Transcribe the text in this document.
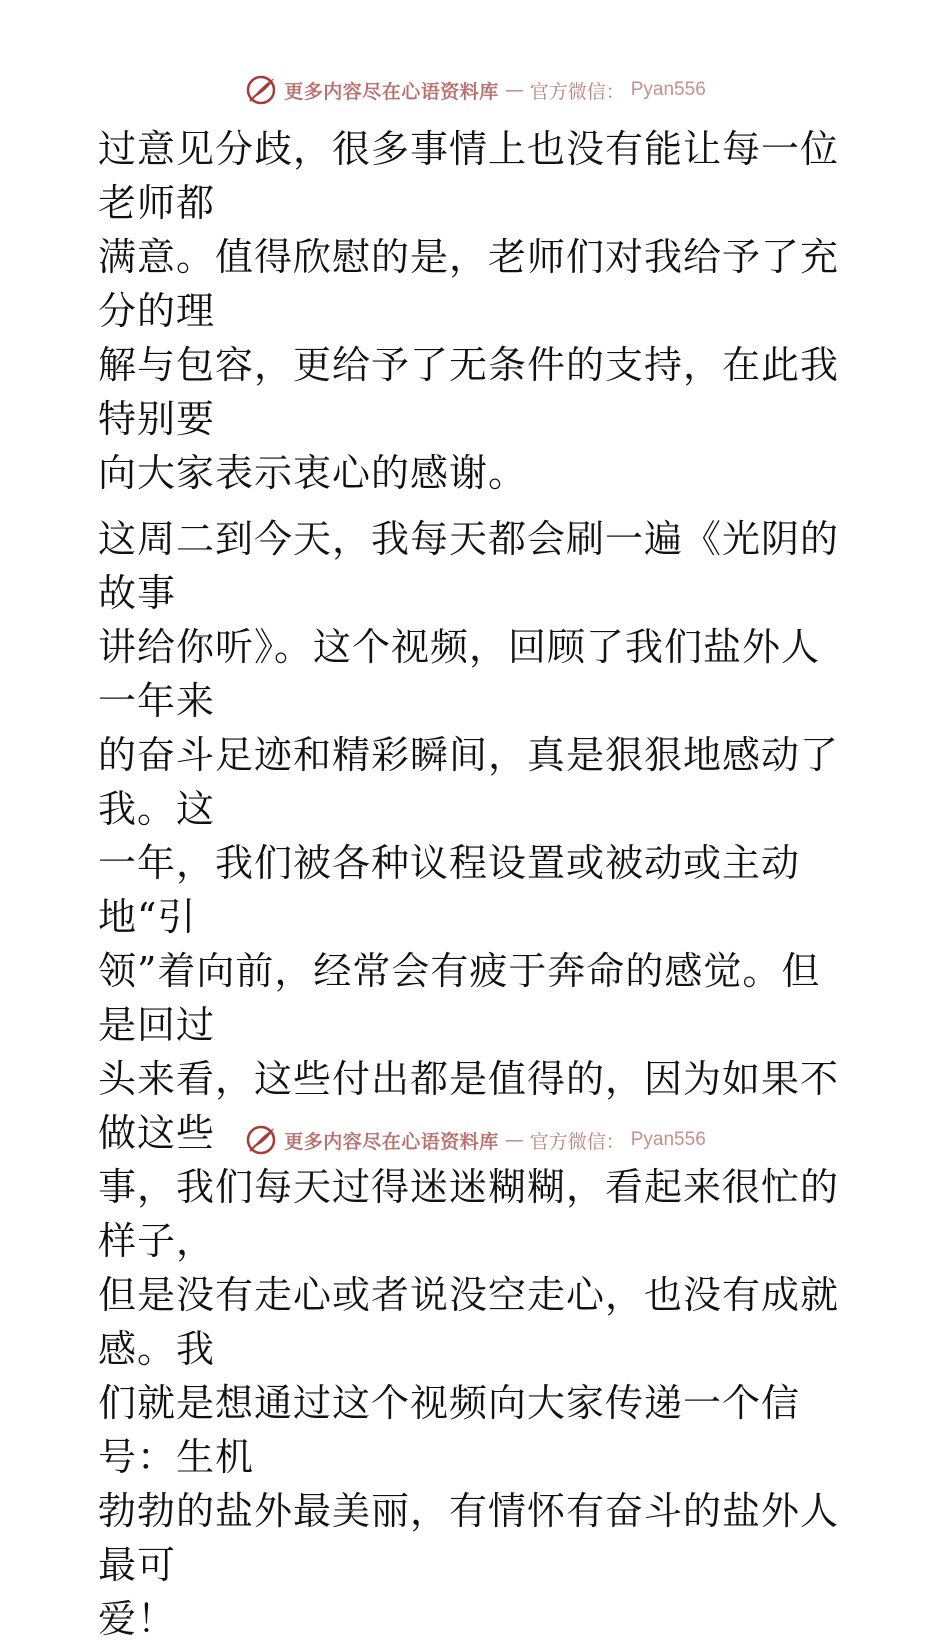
更多内容尽在心语资料库 — 官方微信： Pyan556

过意见分歧，很多事情上也没有能让每一位老师都
满意。值得欣慰的是，老师们对我给予了充分的理
解与包容，更给予了无条件的支持，在此我特别要
向大家表示衷心的感谢。

这周二到今天，我每天都会刷一遍《光阴的故事
讲给你听》。这个视频，回顾了我们盐外人一年来
的奋斗足迹和精彩瞬间，真是狠狠地感动了我。这
一年，我们被各种议程设置或被动或主动地“引
领”着向前，经常会有疲于奔命的感觉。但是回过
头来看，这些付出都是值得的，因为如果不做这些
事，我们每天过得迷迷糊糊，看起来很忙的样子，
但是没有走心或者说没空走心，也没有成就感。我
们就是想通过这个视频向大家传递一个信号：生机
勃勃的盐外最美丽，有情怀有奋斗的盐外人最可
爱！

更多内容尽在心语资料库 — 官方微信： Pyan556
